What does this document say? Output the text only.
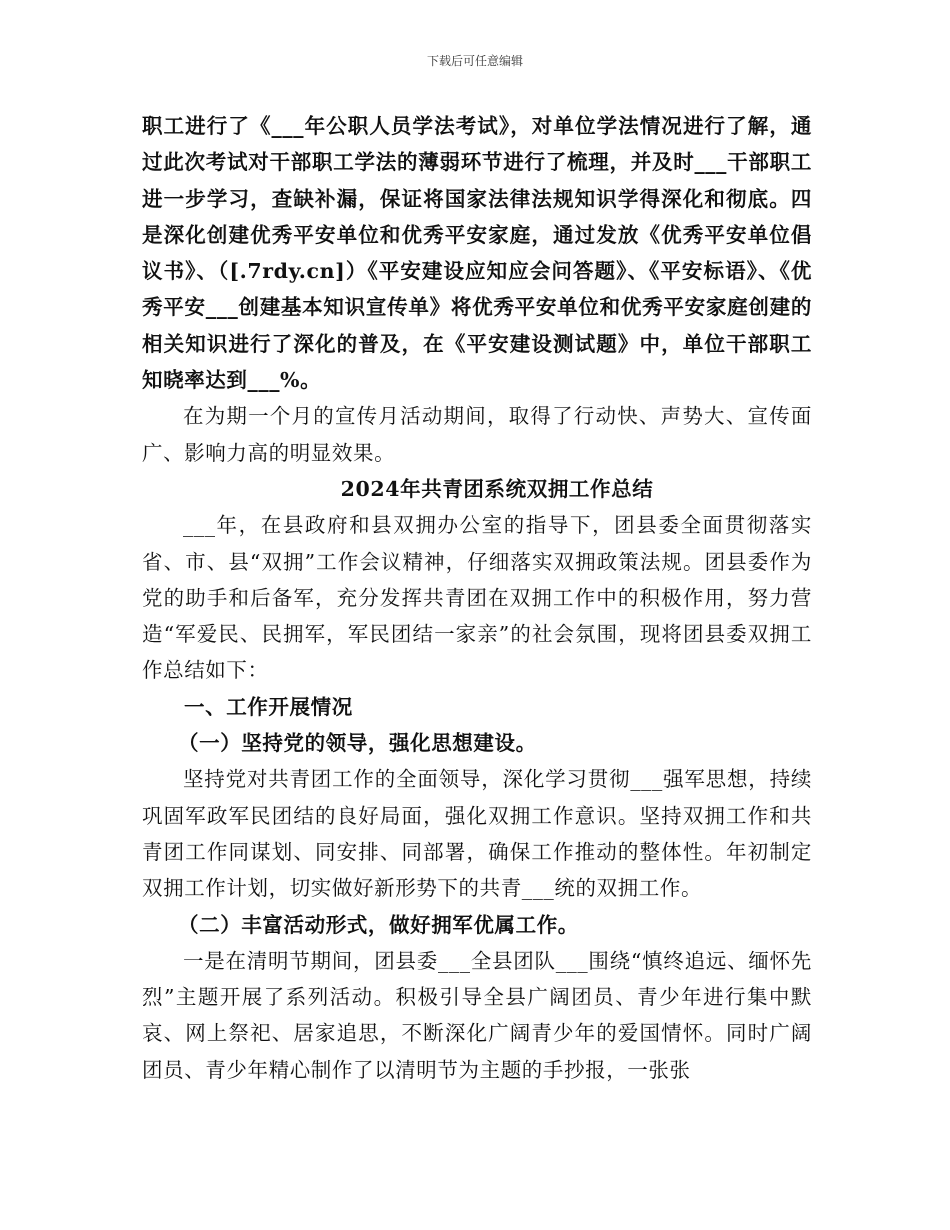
下载后可任意编辑

职工进行了《___年公职人员学法考试》，对单位学法情况进行了解，通过此次考试对干部职工学法的薄弱环节进行了梳理，并及时___干部职工进一步学习，查缺补漏，保证将国家法律法规知识学得深化和彻底。四是深化创建优秀平安单位和优秀平安家庭，通过发放《优秀平安单位倡议书》、（[.7rdy.cn]）《平安建设应知应会问答题》、《平安标语》、《优秀平安___创建基本知识宣传单》将优秀平安单位和优秀平安家庭创建的相关知识进行了深化的普及，在《平安建设测试题》中，单位干部职工知晓率达到___%。

在为期一个月的宣传月活动期间，取得了行动快、声势大、宣传面广、影响力高的明显效果。

2024年共青团系统双拥工作总结

___年，在县政府和县双拥办公室的指导下，团县委全面贯彻落实省、市、县“双拥”工作会议精神，仔细落实双拥政策法规。团县委作为党的助手和后备军，充分发挥共青团在双拥工作中的积极作用，努力营造“军爱民、民拥军，军民团结一家亲”的社会氛围，现将团县委双拥工作总结如下：

一、工作开展情况

（一）坚持党的领导，强化思想建设。

坚持党对共青团工作的全面领导，深化学习贯彻___强军思想，持续巩固军政军民团结的良好局面，强化双拥工作意识。坚持双拥工作和共青团工作同谋划、同安排、同部署，确保工作推动的整体性。年初制定双拥工作计划，切实做好新形势下的共青___统的双拥工作。

（二）丰富活动形式，做好拥军优属工作。

一是在清明节期间，团县委___全县团队___围绕“慎终追远、缅怀先烈”主题开展了系列活动。积极引导全县广阔团员、青少年进行集中默哀、网上祭祀、居家追思，不断深化广阔青少年的爱国情怀。同时广阔团员、青少年精心制作了以清明节为主题的手抄报，一张张
